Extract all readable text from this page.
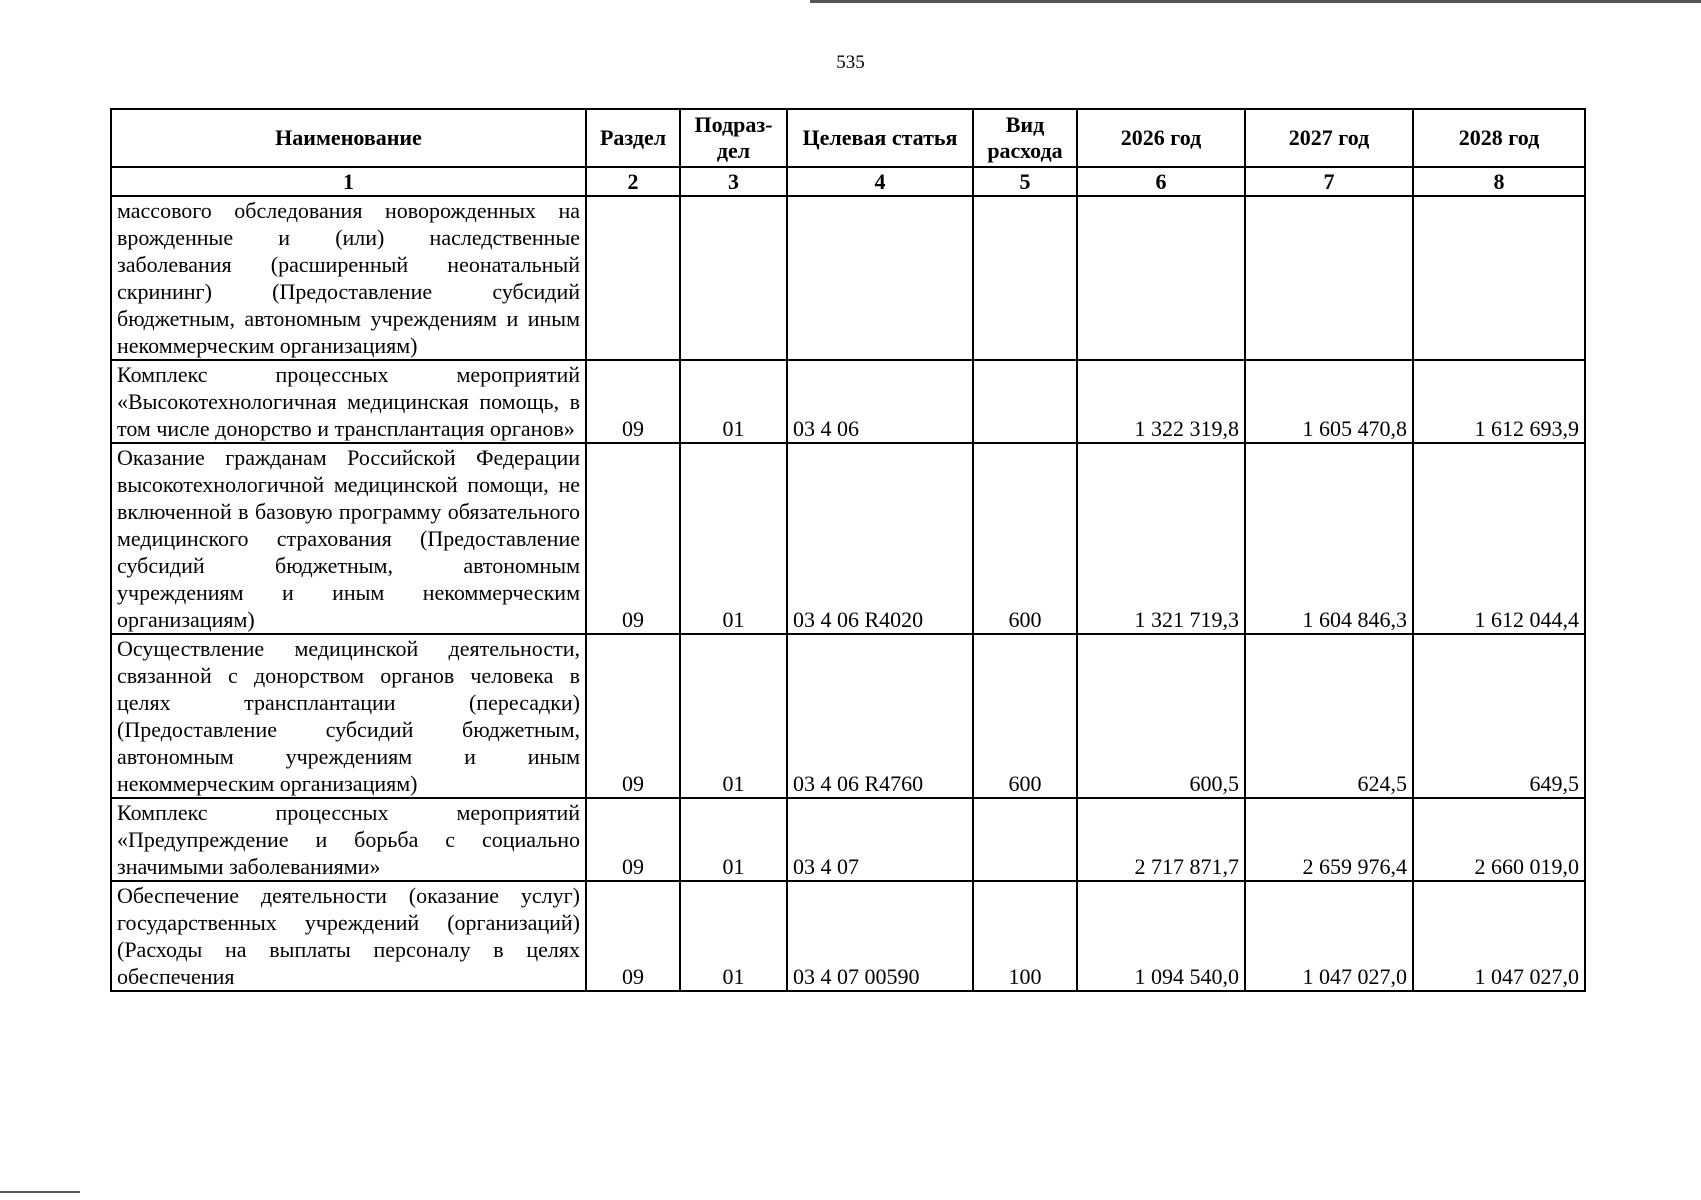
535
Наименование	Раздел	Подраз-дел	Целевая статья	Вид расхода	2026 год	2027 год	2028 год
1	2	3	4	5	6	7	8
массового обследования новорожденных на врожденные и (или) наследственные заболевания (расширенный неонатальный скрининг) (Предоставление субсидий бюджетным, автономным учреждениям и иным некоммерческим организациям)							
Комплекс процессных мероприятий «Высокотехнологичная медицинская помощь, в том числе донорство и трансплантация органов»	09	01	03 4 06		1 322 319,8	1 605 470,8	1 612 693,9
Оказание гражданам Российской Федерации высокотехнологичной медицинской помощи, не включенной в базовую программу обязательного медицинского страхования (Предоставление субсидий бюджетным, автономным учреждениям и иным некоммерческим организациям)	09	01	03 4 06 R4020	600	1 321 719,3	1 604 846,3	1 612 044,4
Осуществление медицинской деятельности, связанной с донорством органов человека в целях трансплантации (пересадки) (Предоставление субсидий бюджетным, автономным учреждениям и иным некоммерческим организациям)	09	01	03 4 06 R4760	600	600,5	624,5	649,5
Комплекс процессных мероприятий «Предупреждение и борьба с социально значимыми заболеваниями»	09	01	03 4 07		2 717 871,7	2 659 976,4	2 660 019,0
Обеспечение деятельности (оказание услуг) государственных учреждений (организаций) (Расходы на выплаты персоналу в целях обеспечения	09	01	03 4 07 00590	100	1 094 540,0	1 047 027,0	1 047 027,0
